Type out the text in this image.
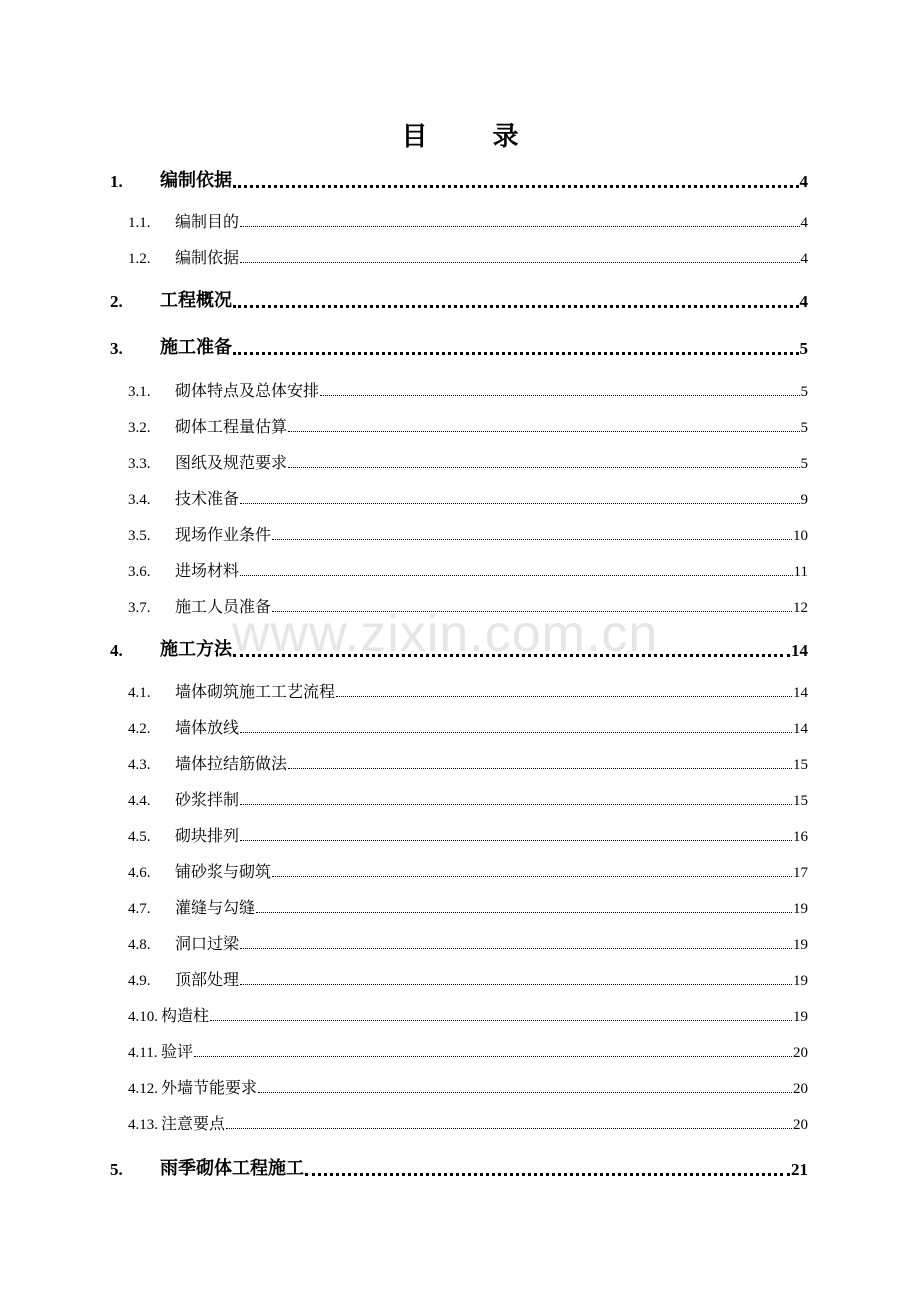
目 录
www.zixin.com.cn
1. 编制依据	4
1.1. 编制目的	4
1.2. 编制依据	4
2. 工程概况	4
3. 施工准备	5
3.1. 砌体特点及总体安排	5
3.2. 砌体工程量估算	5
3.3. 图纸及规范要求	5
3.4. 技术准备	9
3.5. 现场作业条件	10
3.6. 进场材料	11
3.7. 施工人员准备	12
4. 施工方法	14
4.1. 墙体砌筑施工工艺流程	14
4.2. 墙体放线	14
4.3. 墙体拉结筋做法	15
4.4. 砂浆拌制	15
4.5. 砌块排列	16
4.6. 铺砂浆与砌筑	17
4.7. 灌缝与勾缝	19
4.8. 洞口过梁	19
4.9. 顶部处理	19
4.10. 构造柱	19
4.11. 验评	20
4.12. 外墙节能要求	20
4.13. 注意要点	20
5. 雨季砌体工程施工	21
